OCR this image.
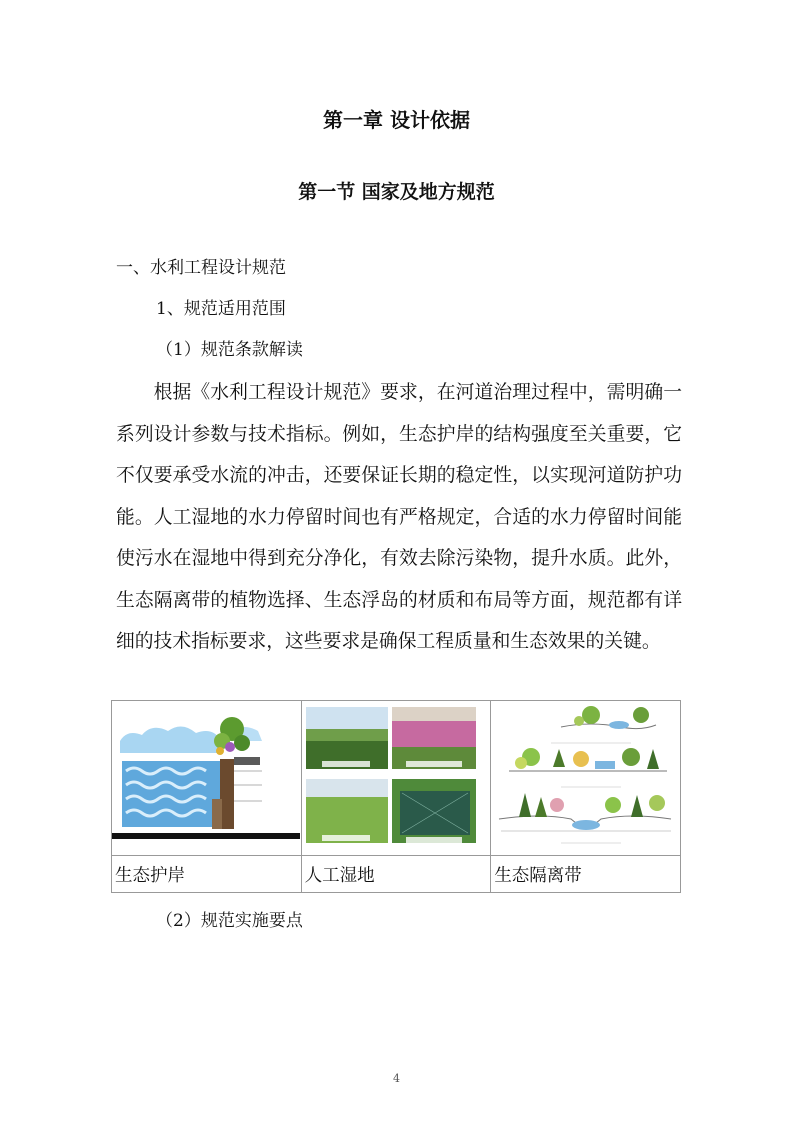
第一章 设计依据
第一节 国家及地方规范
一、水利工程设计规范
1、规范适用范围
（1）规范条款解读

根据《水利工程设计规范》要求，在河道治理过程中，需明确一系列设计参数与技术指标。例如，生态护岸的结构强度至关重要，它不仅要承受水流的冲击，还要保证长期的稳定性，以实现河道防护功能。人工湿地的水力停留时间也有严格规定，合适的水力停留时间能使污水在湿地中得到充分净化，有效去除污染物，提升水质。此外，生态隔离带的植物选择、生态浮岛的材质和布局等方面，规范都有详细的技术指标要求，这些要求是确保工程质量和生态效果的关键。

生态护岸	人工湿地	生态隔离带
（2）规范实施要点
4
